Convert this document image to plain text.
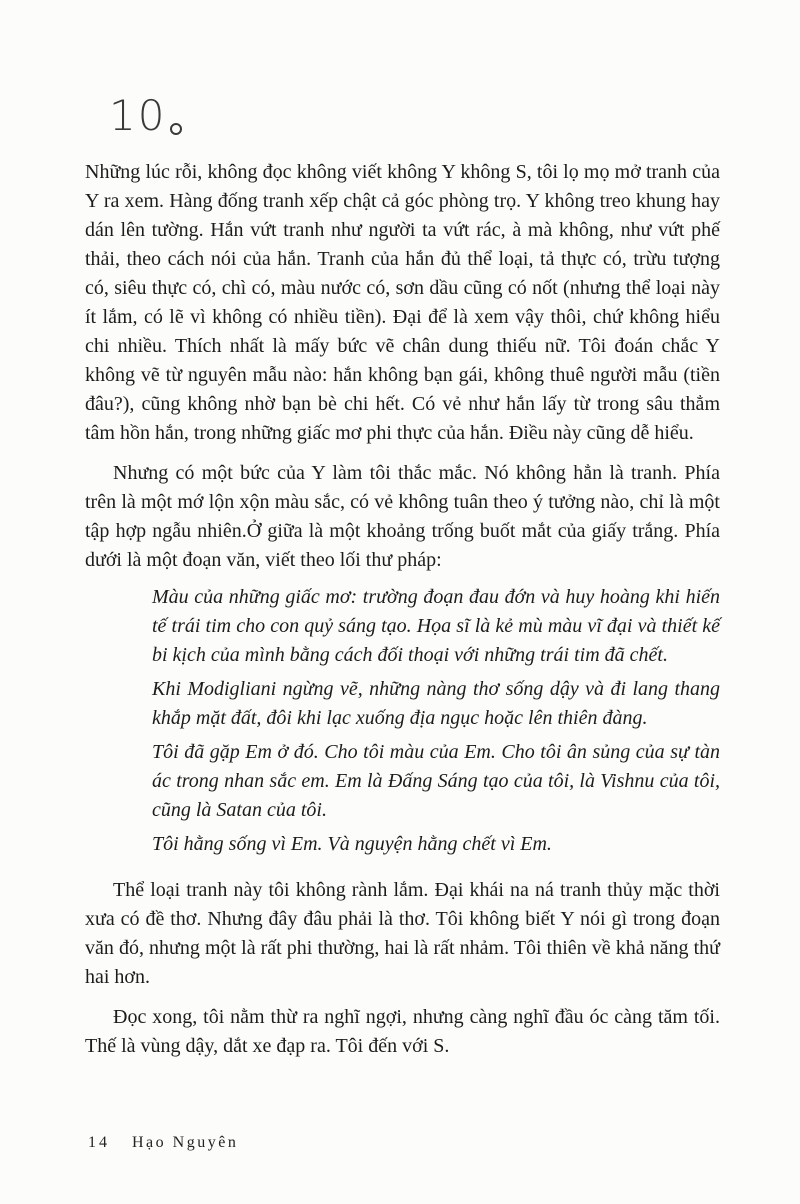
10

Những lúc rỗi, không đọc không viết không Y không S, tôi lọ mọ mở tranh của Y ra xem. Hàng đống tranh xếp chật cả góc phòng trọ. Y không treo khung hay dán lên tường. Hắn vứt tranh như người ta vứt rác, à mà không, như vứt phế thải, theo cách nói của hắn. Tranh của hắn đủ thể loại, tả thực có, trừu tượng có, siêu thực có, chì có, màu nước có, sơn dầu cũng có nốt (nhưng thể loại này ít lắm, có lẽ vì không có nhiều tiền). Đại để là xem vậy thôi, chứ không hiểu chi nhiều. Thích nhất là mấy bức vẽ chân dung thiếu nữ. Tôi đoán chắc Y không vẽ từ nguyên mẫu nào: hắn không bạn gái, không thuê người mẫu (tiền đâu?), cũng không nhờ bạn bè chi hết. Có vẻ như hắn lấy từ trong sâu thẳm tâm hồn hắn, trong những giấc mơ phi thực của hắn. Điều này cũng dễ hiểu.

Nhưng có một bức của Y làm tôi thắc mắc. Nó không hẳn là tranh. Phía trên là một mớ lộn xộn màu sắc, có vẻ không tuân theo ý tưởng nào, chỉ là một tập hợp ngẫu nhiên.Ở giữa là một khoảng trống buốt mắt của giấy trắng. Phía dưới là một đoạn văn, viết theo lối thư pháp:

Màu của những giấc mơ: trường đoạn đau đớn và huy hoàng khi hiến tế trái tim cho con quỷ sáng tạo. Họa sĩ là kẻ mù màu vĩ đại và thiết kế bi kịch của mình bằng cách đối thoại với những trái tim đã chết.

Khi Modigliani ngừng vẽ, những nàng thơ sống dậy và đi lang thang khắp mặt đất, đôi khi lạc xuống địa ngục hoặc lên thiên đàng.

Tôi đã gặp Em ở đó. Cho tôi màu của Em. Cho tôi ân sủng của sự tàn ác trong nhan sắc em. Em là Đấng Sáng tạo của tôi, là Vishnu của tôi, cũng là Satan của tôi.

Tôi hằng sống vì Em. Và nguyện hằng chết vì Em.

Thể loại tranh này tôi không rành lắm. Đại khái na ná tranh thủy mặc thời xưa có đề thơ. Nhưng đây đâu phải là thơ. Tôi không biết Y nói gì trong đoạn văn đó, nhưng một là rất phi thường, hai là rất nhảm. Tôi thiên về khả năng thứ hai hơn.

Đọc xong, tôi nằm thừ ra nghĩ ngợi, nhưng càng nghĩ đầu óc càng tăm tối. Thế là vùng dậy, dắt xe đạp ra. Tôi đến với S.

14 Hạo Nguyên
